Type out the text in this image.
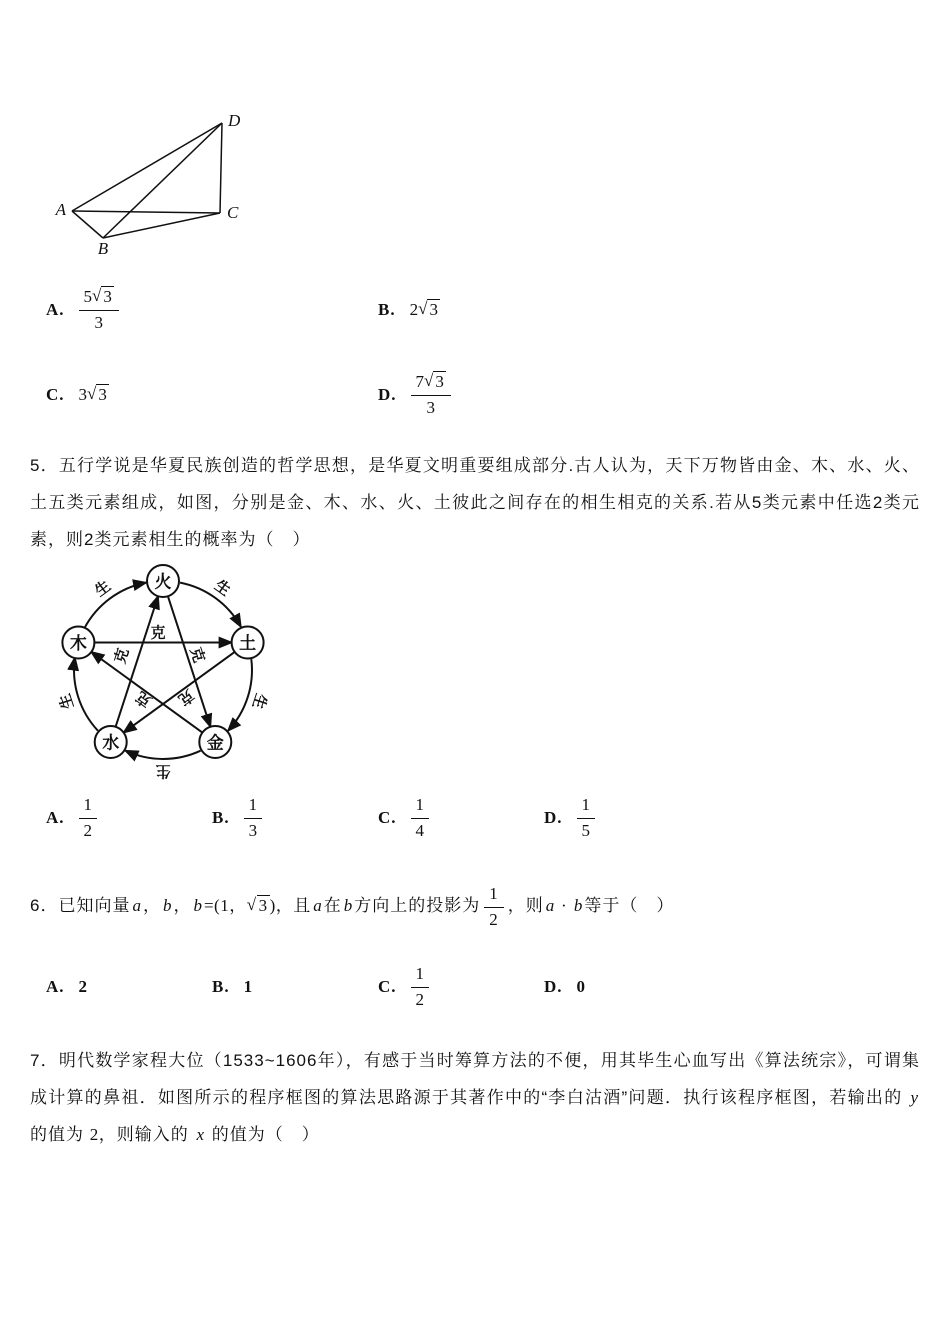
A
B
C
D
A. $\frac{5√ 3}{3}$	B. 2√ 3
C. 3√ 3	D. $\frac{7√ 3}{3}$
5．五行学说是华夏民族创造的哲学思想，是华夏文明重要组成部分.古人认为，天下万物皆由金、木、水、火、土五类元素组成，如图，分别是金、木、水、火、土彼此之间存在的相生相克的关系.若从5类元素中任选2类元素，则2类元素相生的概率为（　）
火
土
金
水
木
生	生
生
生
生
克
克	克
克 克
A. $\frac{1}{2}$	B. $\frac{1}{3}$	C. $\frac{1}{4}$	D. $\frac{1}{5}$
6．已知向量 a ， b ， b =(1，√ 3 )，且 a 在 b 方向上的投影为 $\frac{1}{2}$ ，则 a · b 等于（　）
A. 2	B. 1	C. $\frac{1}{2}$	D. 0
7．明代数学家程大位（1533~1606年），有感于当时筹算方法的不便，用其毕生心血写出《算法统宗》，可谓集成计算的鼻祖．如图所示的程序框图的算法思路源于其著作中的“李白沽酒”问题．执行该程序框图，若输出的 y 的值为 2，则输入的 x 的值为（　）
